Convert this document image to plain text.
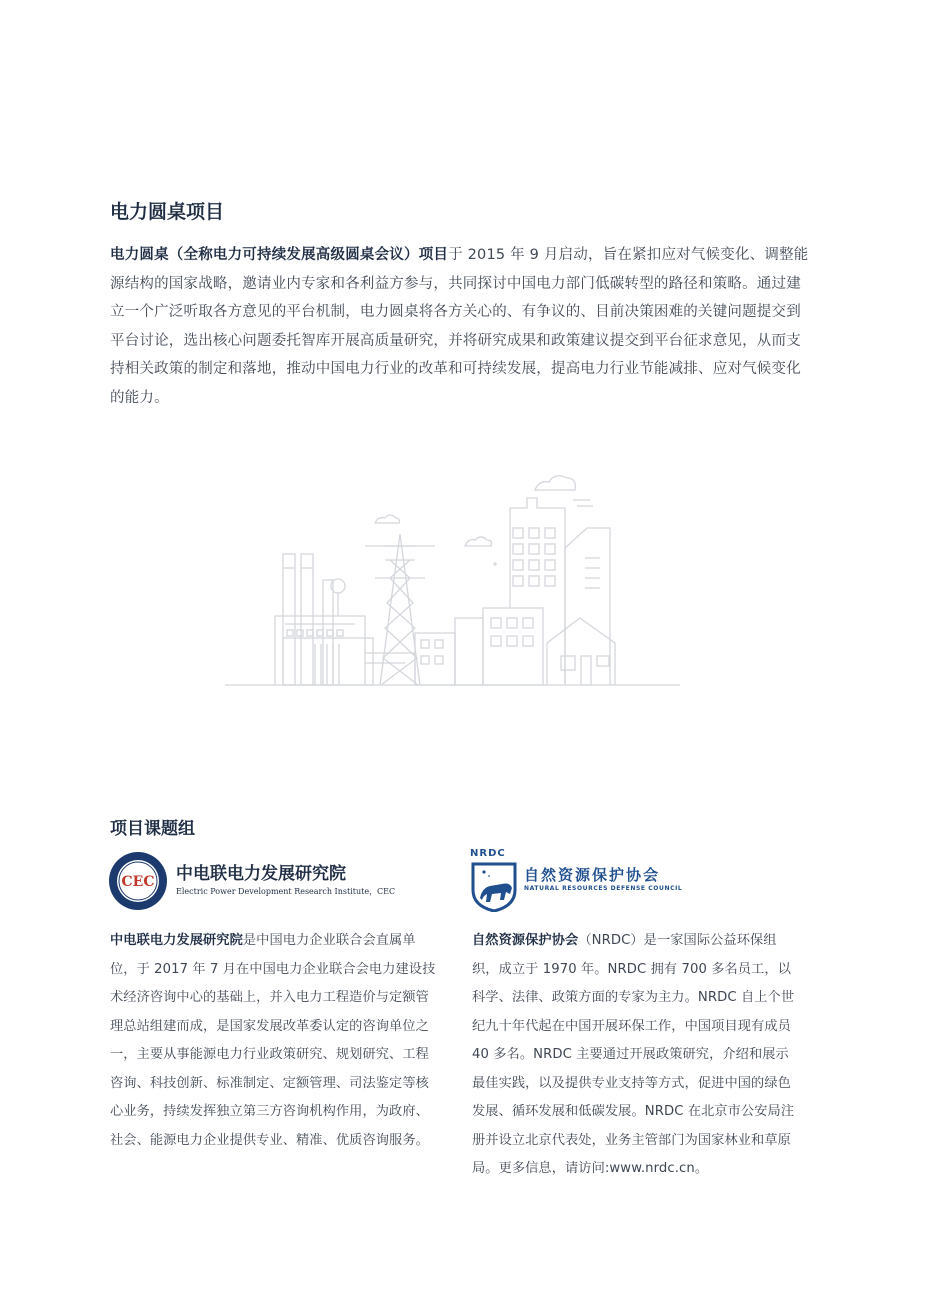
电力圆桌项目

电力圆桌（全称电力可持续发展高级圆桌会议）项目于 2015 年 9 月启动，旨在紧扣应对气候变化、调整能源结构的国家战略，邀请业内专家和各利益方参与，共同探讨中国电力部门低碳转型的路径和策略。通过建立一个广泛听取各方意见的平台机制，电力圆桌将各方关心的、有争议的、目前决策困难的关键问题提交到平台讨论，选出核心问题委托智库开展高质量研究，并将研究成果和政策建议提交到平台征求意见，从而支持相关政策的制定和落地，推动中国电力行业的改革和可持续发展，提高电力行业节能减排、应对气候变化的能力。

项目课题组
CEC 中电联电力发展研究院
Electric Power Development Research Institute，CEC
NRDC
自然资源保护协会
NATURAL RESOURCES DEFENSE COUNCIL

中电联电力发展研究院是中国电力企业联合会直属单位，于 2017 年 7 月在中国电力企业联合会电力建设技术经济咨询中心的基础上，并入电力工程造价与定额管理总站组建而成，是国家发展改革委认定的咨询单位之一，主要从事能源电力行业政策研究、规划研究、工程咨询、科技创新、标准制定、定额管理、司法鉴定等核心业务，持续发挥独立第三方咨询机构作用，为政府、社会、能源电力企业提供专业、精准、优质咨询服务。

自然资源保护协会（NRDC）是一家国际公益环保组织，成立于 1970 年。NRDC 拥有 700 多名员工，以科学、法律、政策方面的专家为主力。NRDC 自上个世纪九十年代起在中国开展环保工作，中国项目现有成员 40 多名。NRDC 主要通过开展政策研究，介绍和展示最佳实践，以及提供专业支持等方式，促进中国的绿色发展、循环发展和低碳发展。NRDC 在北京市公安局注册并设立北京代表处，业务主管部门为国家林业和草原局。更多信息，请访问:www.nrdc.cn。
